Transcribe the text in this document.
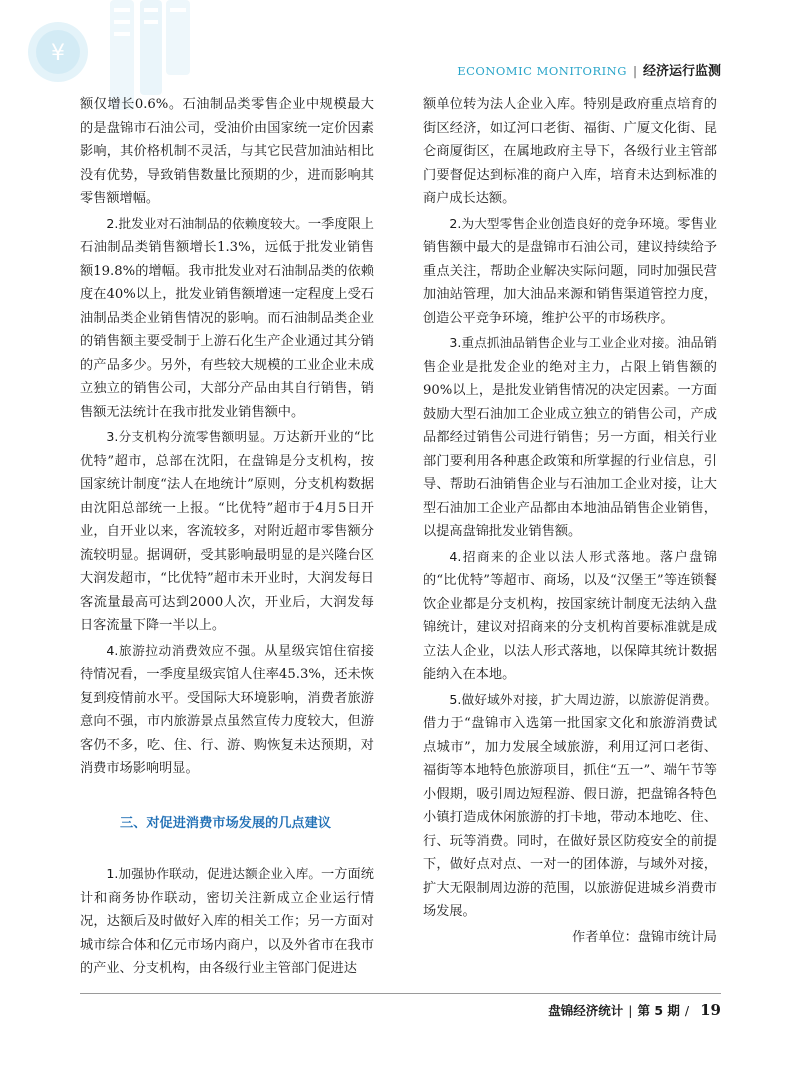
¥
ECONOMIC MONITORING | 经济运行监测

额仅增长0.6%。石油制品类零售企业中规模最大的是盘锦市石油公司，受油价由国家统一定价因素影响，其价格机制不灵活，与其它民营加油站相比没有优势，导致销售数量比预期的少，进而影响其零售额增幅。

2.批发业对石油制品的依赖度较大。一季度限上石油制品类销售额增长1.3%，远低于批发业销售额19.8%的增幅。我市批发业对石油制品类的依赖度在40%以上，批发业销售额增速一定程度上受石油制品类企业销售情况的影响。而石油制品类企业的销售额主要受制于上游石化生产企业通过其分销的产品多少。另外，有些较大规模的工业企业未成立独立的销售公司，大部分产品由其自行销售，销售额无法统计在我市批发业销售额中。

3.分支机构分流零售额明显。万达新开业的“比优特”超市，总部在沈阳，在盘锦是分支机构，按国家统计制度“法人在地统计”原则，分支机构数据由沈阳总部统一上报。“比优特”超市于4月5日开业，自开业以来，客流较多，对附近超市零售额分流较明显。据调研，受其影响最明显的是兴隆台区大润发超市，“比优特”超市未开业时，大润发每日客流量最高可达到2000人次，开业后，大润发每日客流量下降一半以上。

4.旅游拉动消费效应不强。从星级宾馆住宿接待情况看，一季度星级宾馆人住率45.3%，还未恢复到疫情前水平。受国际大环境影响，消费者旅游意向不强，市内旅游景点虽然宣传力度较大，但游客仍不多，吃、住、行、游、购恢复未达预期，对消费市场影响明显。

三、对促进消费市场发展的几点建议

1.加强协作联动，促进达额企业入库。一方面统计和商务协作联动，密切关注新成立企业运行情况，达额后及时做好入库的相关工作；另一方面对城市综合体和亿元市场内商户，以及外省市在我市的产业、分支机构，由各级行业主管部门促进达

额单位转为法人企业入库。特别是政府重点培育的街区经济，如辽河口老街、福街、广厦文化街、昆仑商厦街区，在属地政府主导下，各级行业主管部门要督促达到标准的商户入库，培育未达到标准的商户成长达额。

2.为大型零售企业创造良好的竞争环境。零售业销售额中最大的是盘锦市石油公司，建议持续给予重点关注，帮助企业解决实际问题，同时加强民营加油站管理，加大油品来源和销售渠道管控力度，创造公平竞争环境，维护公平的市场秩序。

3.重点抓油品销售企业与工业企业对接。油品销售企业是批发企业的绝对主力，占限上销售额的90%以上，是批发业销售情况的决定因素。一方面鼓励大型石油加工企业成立独立的销售公司，产成品都经过销售公司进行销售；另一方面，相关行业部门要利用各种惠企政策和所掌握的行业信息，引导、帮助石油销售企业与石油加工企业对接，让大型石油加工企业产品都由本地油品销售企业销售，以提高盘锦批发业销售额。

4.招商来的企业以法人形式落地。落户盘锦的“比优特”等超市、商场，以及“汉堡王”等连锁餐饮企业都是分支机构，按国家统计制度无法纳入盘锦统计，建议对招商来的分支机构首要标准就是成立法人企业，以法人形式落地，以保障其统计数据能纳入在本地。

5.做好域外对接，扩大周边游，以旅游促消费。借力于“盘锦市入选第一批国家文化和旅游消费试点城市”，加力发展全域旅游，利用辽河口老街、福街等本地特色旅游项目，抓住“五一”、端午节等小假期，吸引周边短程游、假日游，把盘锦各特色小镇打造成休闲旅游的打卡地，带动本地吃、住、行、玩等消费。同时，在做好景区防疫安全的前提下，做好点对点、一对一的团体游，与域外对接，扩大无限制周边游的范围，以旅游促进城乡消费市场发展。

作者单位：盘锦市统计局

盘锦经济统计 | 第 5 期 / 19
